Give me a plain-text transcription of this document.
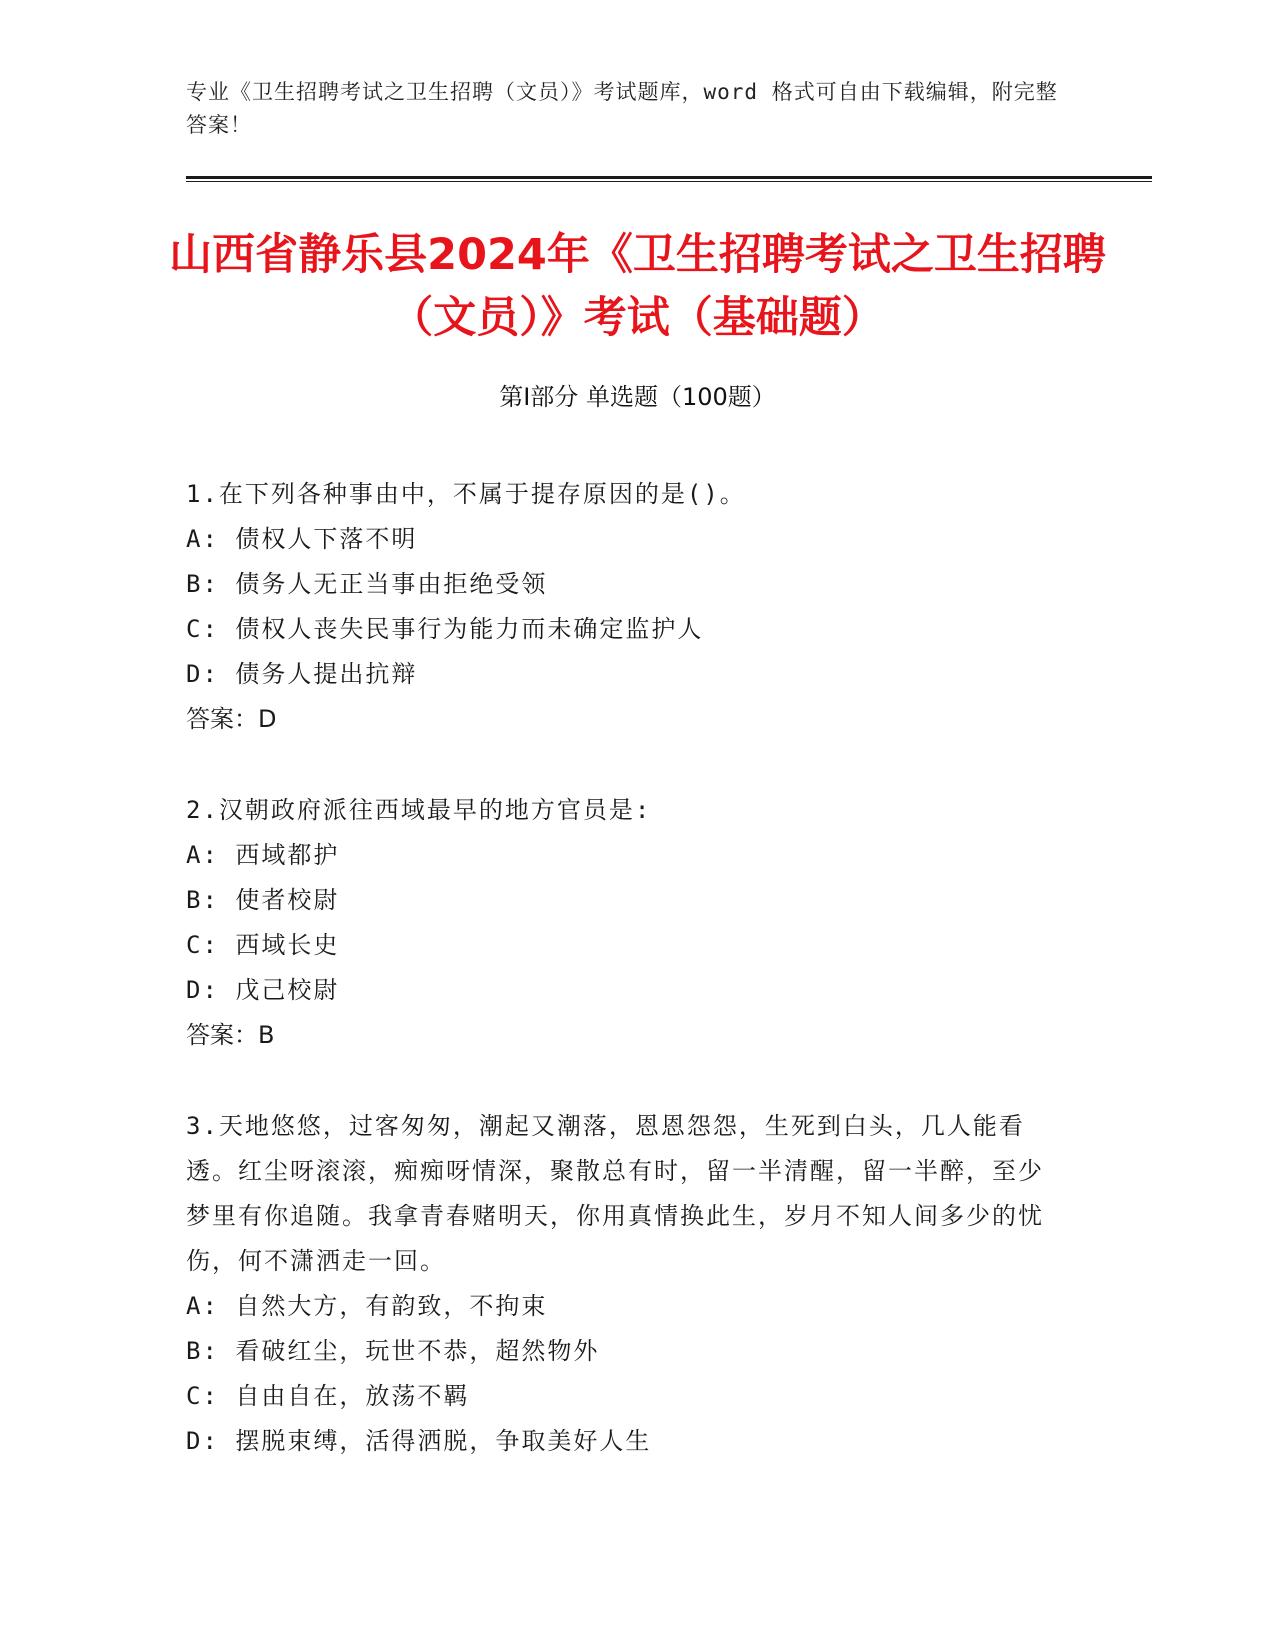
专业《卫生招聘考试之卫生招聘（文员）》考试题库，word 格式可自由下载编辑，附完整答案！
山西省静乐县2024年《卫生招聘考试之卫生招聘（文员）》考试（基础题）
第Ⅰ部分 单选题（100题）
1.在下列各种事由中，不属于提存原因的是()。
A: 债权人下落不明
B: 债务人无正当事由拒绝受领
C: 债权人丧失民事行为能力而未确定监护人
D: 债务人提出抗辩
答案：D
2.汉朝政府派往西域最早的地方官员是:
A: 西域都护
B: 使者校尉
C: 西域长史
D: 戊己校尉
答案：B
3.天地悠悠，过客匆匆，潮起又潮落，恩恩怨怨，生死到白头，几人能看透。红尘呀滚滚，痴痴呀情深，聚散总有时，留一半清醒，留一半醉，至少梦里有你追随。我拿青春赌明天，你用真情换此生，岁月不知人间多少的忧伤，何不潇洒走一回。
A: 自然大方，有韵致，不拘束
B: 看破红尘，玩世不恭，超然物外
C: 自由自在，放荡不羁
D: 摆脱束缚，活得洒脱，争取美好人生
